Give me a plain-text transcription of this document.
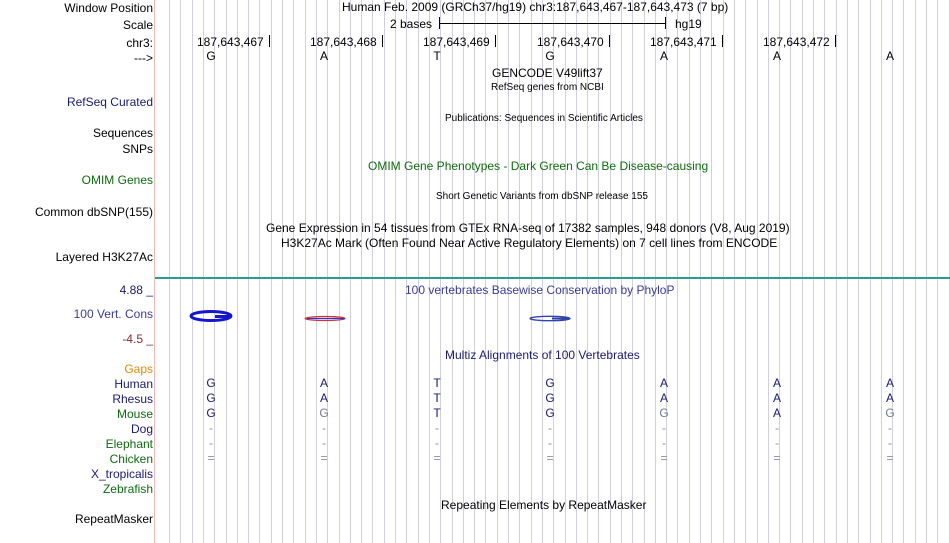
Window Position	Human Feb. 2009 (GRCh37/hg19) chr3:187,643,467-187,643,473 (7 bp)
Scale	2 bases	hg19
chr3:	187,643,467	187,643,468	187,643,469	187,643,470	187,643,471	187,643,472
--->	G	A	T	G	A	A	A
GENCODE V49lift37
RefSeq genes from NCBI
RefSeq Curated
Publications: Sequences in Scientific Articles
Sequences
SNPs
OMIM Gene Phenotypes - Dark Green Can Be Disease-causing
OMIM Genes
Short Genetic Variants from dbSNP release 155
Common dbSNP(155)
Gene Expression in 54 tissues from GTEx RNA-seq of 17382 samples, 948 donors (V8, Aug 2019)
H3K27Ac Mark (Often Found Near Active Regulatory Elements) on 7 cell lines from ENCODE
Layered H3K27Ac
4.88 _	100 vertebrates Basewise Conservation by PhyloP
100 Vert. Cons
-4.5 _
Multiz Alignments of 100 Vertebrates
Gaps
Human	G	A	T	G	A	A	A
Rhesus	G	A	T	G	A	A	A
Mouse	G	G	T	G	G	A	G
Dog	-	-	-	-	-	-	-
Elephant	-	-	-	-	-	-	-
Chicken	=	=	=	=	=	=	=
X_tropicalis
Zebrafish
Repeating Elements by RepeatMasker
RepeatMasker
